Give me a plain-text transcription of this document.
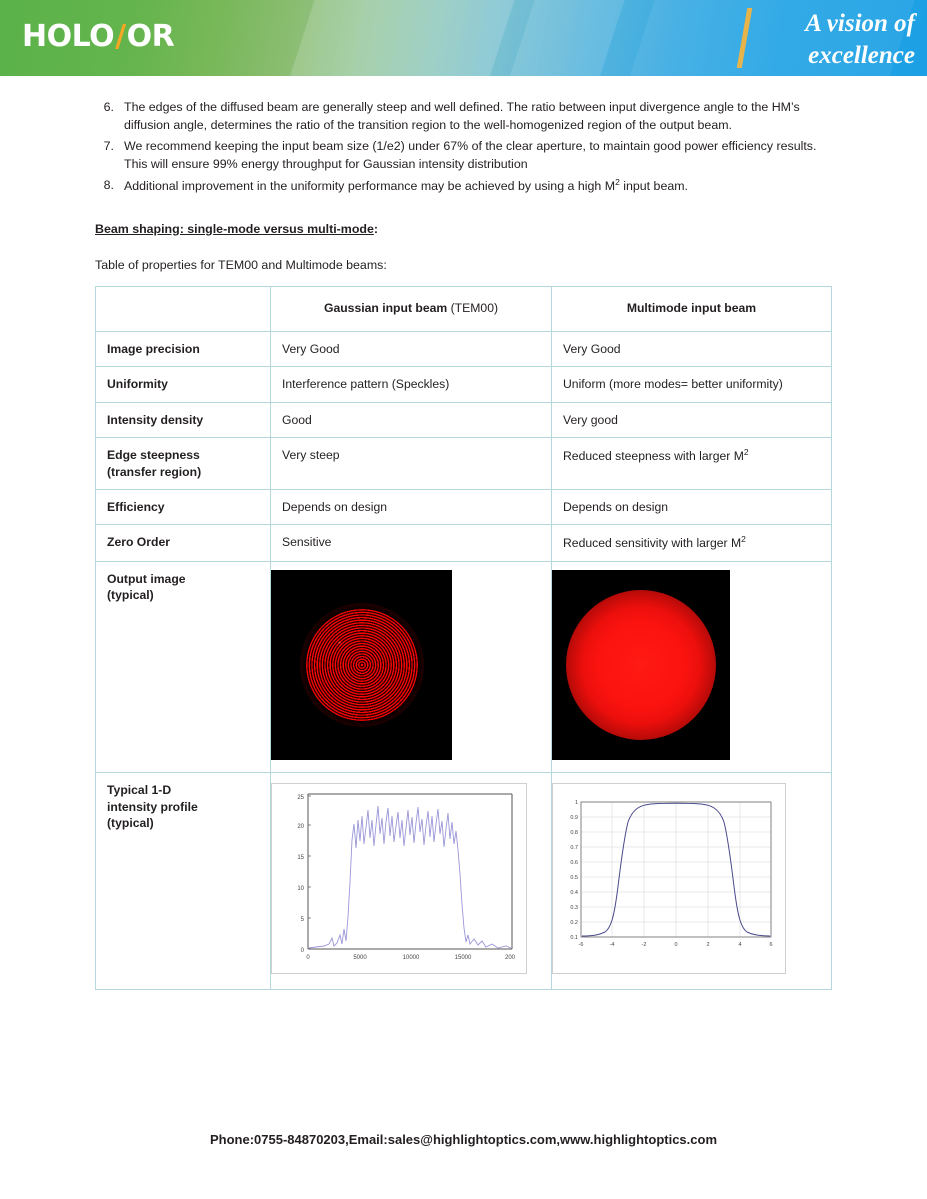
HOLO/OR	A vision of
excellence
6. The edges of the diffused beam are generally steep and well defined. The ratio between input divergence angle to the HM’s diffusion angle, determines the ratio of the transition region to the well-homogenized region of the output beam.
7. We recommend keeping the input beam size (1/e2) under 67% of the clear aperture, to maintain good power efficiency results. This will ensure 99% energy throughput for Gaussian intensity distribution
8. Additional improvement in the uniformity performance may be achieved by using a high $M^2$ input beam.
Beam shaping: single-mode versus multi-mode:
Table of properties for TEM00 and Multimode beams:
	Gaussian input beam (TEM00)	Multimode input beam
Image precision	Very Good	Very Good
Uniformity	Interference pattern (Speckles)	Uniform (more modes= better uniformity)
Intensity density	Good	Very good

Edge steepness
(transfer region)	Very steep	Reduced steepness with larger $M^2$
Efficiency	Depends on design	Depends on design
Zero Order	Sensitive	Reduced sensitivity with larger $M^2$

Output image
(typical)		

Typical 1-D
intensity profile
(typical)

0
5
10
15
20
25
0	5000	10000	15000	200

1
0.9
0.8
0.7
0.6
0.5
0.4
0.3
0.2
0.1
-6	-4	-2	0	2	4	6
Phone:0755-84870203,Email:sales@highlightoptics.com,www.highlightoptics.com
